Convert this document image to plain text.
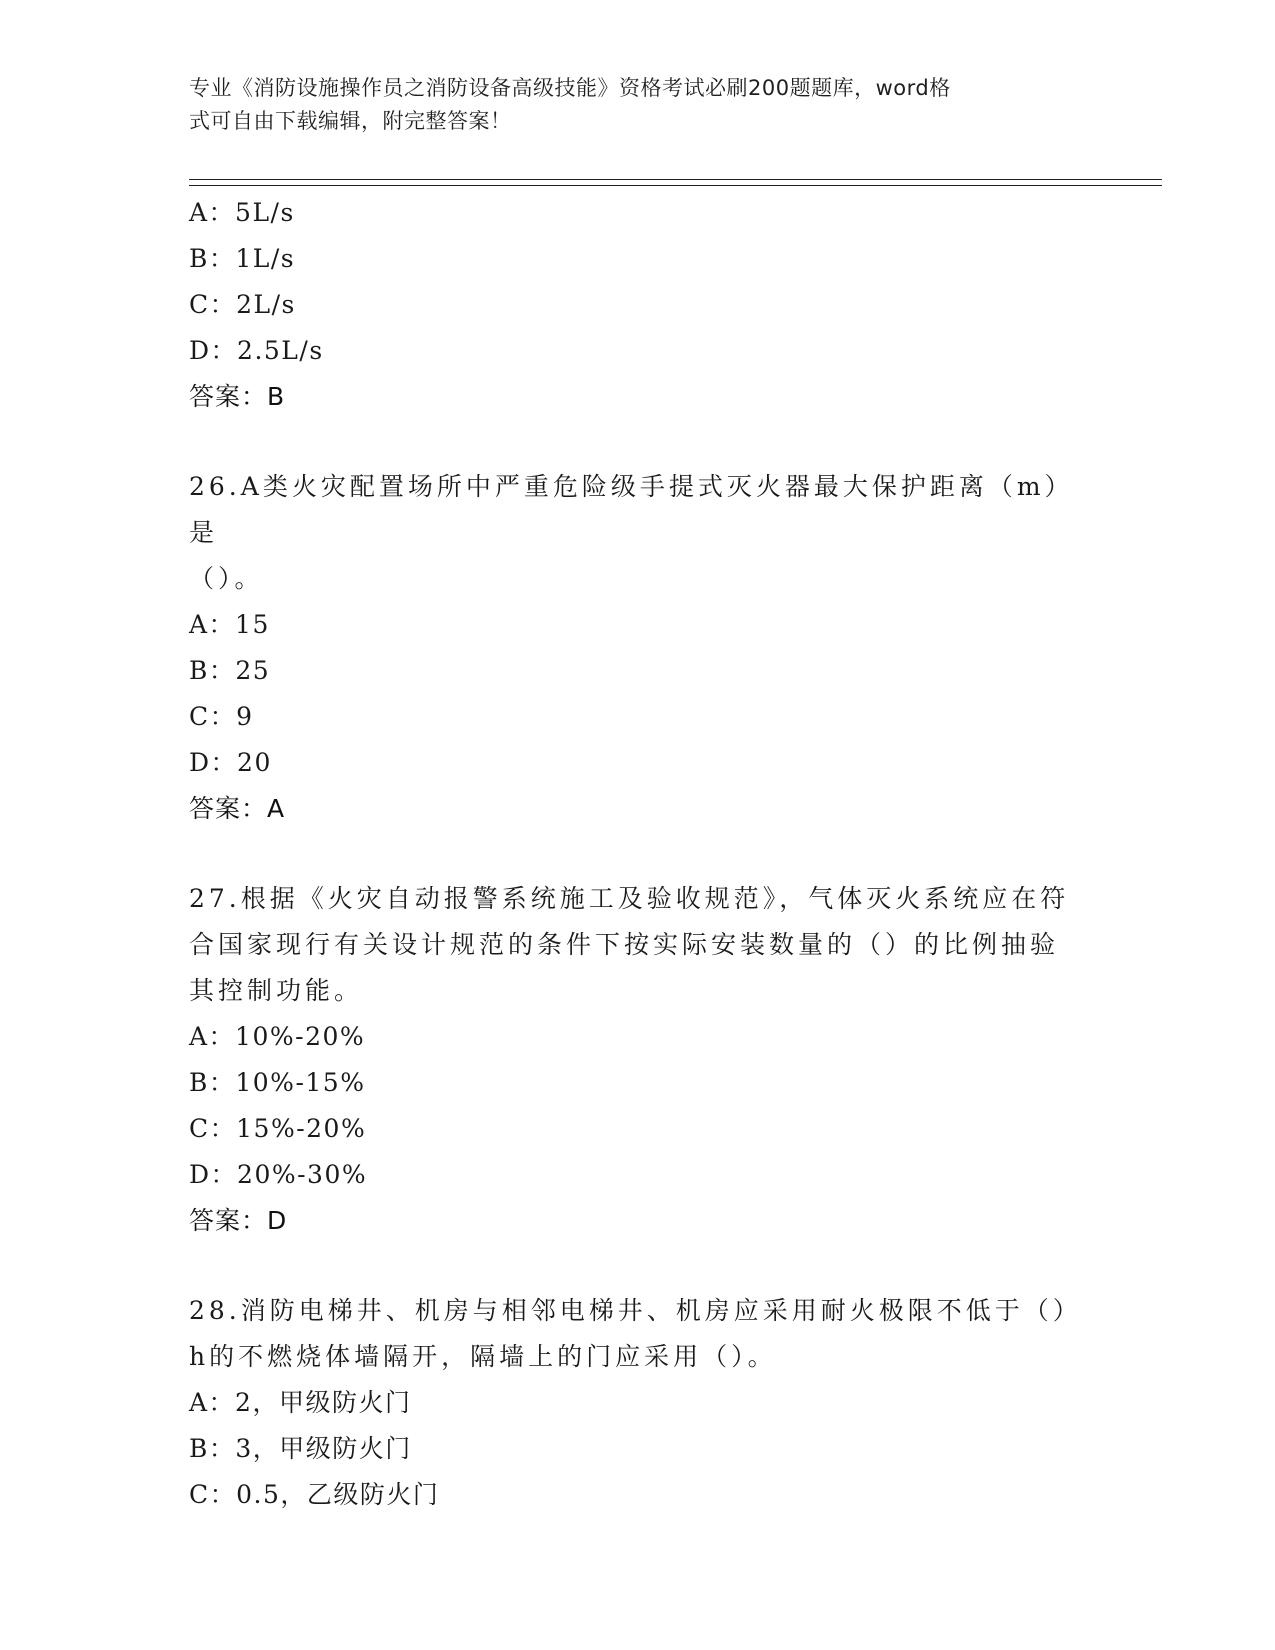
专业《消防设施操作员之消防设备高级技能》资格考试必刷200题题库，word格
式可自由下载编辑，附完整答案！
A：5L/s
B：1L/s
C：2L/s
D：2.5L/s
答案：B
26.A类火灾配置场所中严重危险级手提式灭火器最大保护距离（m）是
（）。
A：15
B：25
C：9
D：20
答案：A
27.根据《火灾自动报警系统施工及验收规范》，气体灭火系统应在符
合国家现行有关设计规范的条件下按实际安装数量的（）的比例抽验
其控制功能。
A：10%-20%
B：10%-15%
C：15%-20%
D：20%-30%
答案：D
28.消防电梯井、机房与相邻电梯井、机房应采用耐火极限不低于（）
h的不燃烧体墙隔开，隔墙上的门应采用（）。
A：2，甲级防火门
B：3，甲级防火门
C：0.5，乙级防火门
